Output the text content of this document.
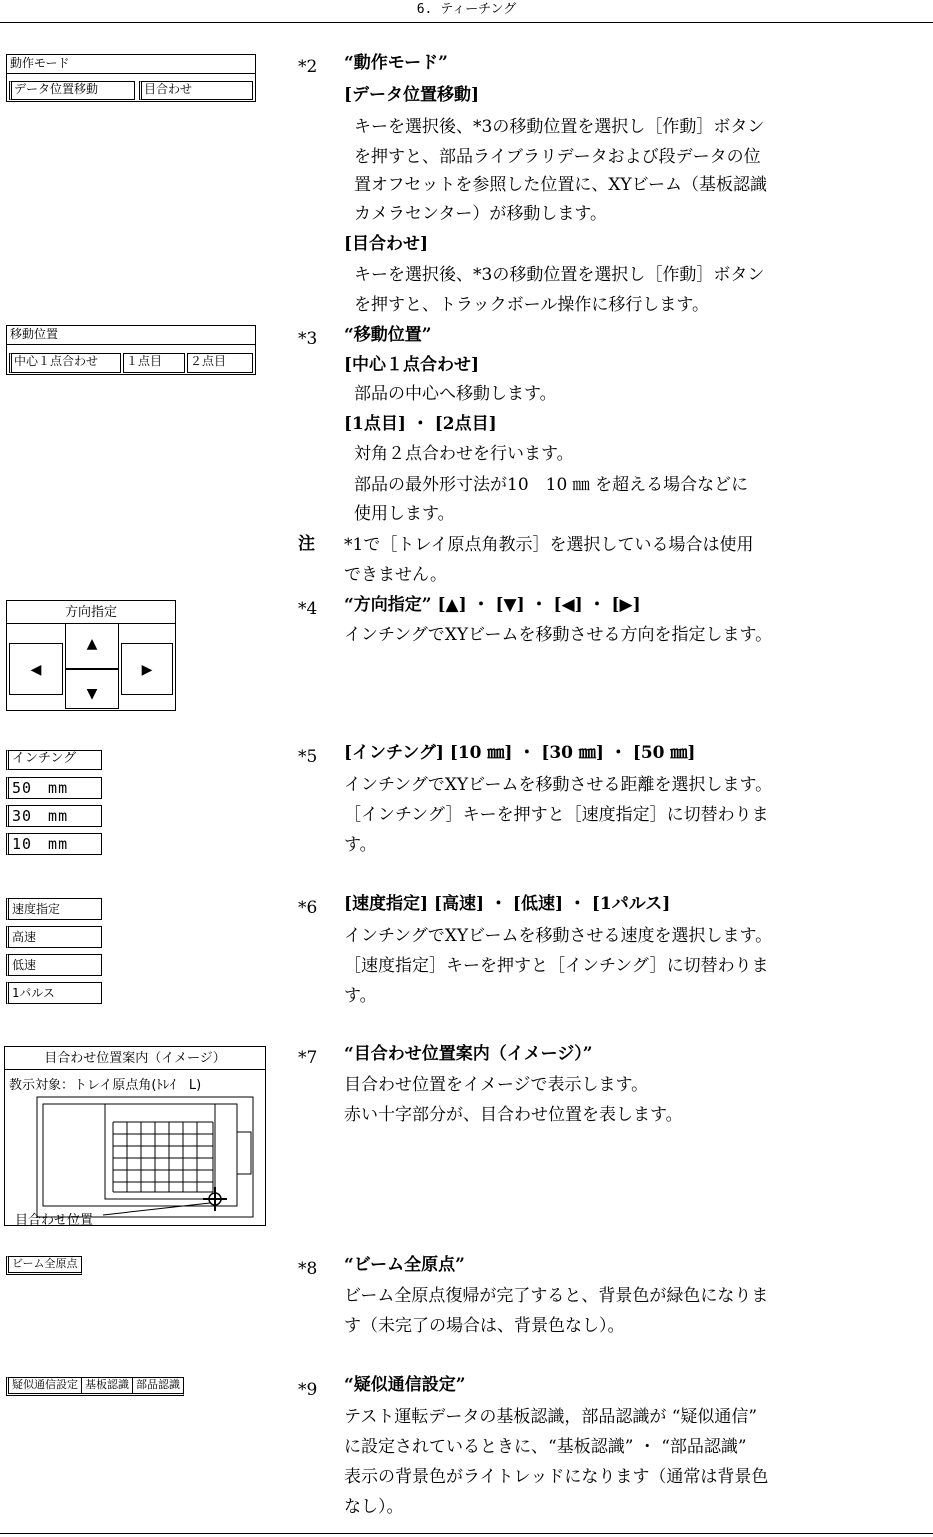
6. ティーチング
動作モード
データ位置移動	目合わせ
移動位置
中心１点合わせ	１点目	２点目
方向指定
▲
▼
◀	▶
インチング
50　mm
30　mm
10　mm
速度指定
高速
低速
1パルス
目合わせ位置案内（イメージ）
教示対象：トレイ原点角(ﾄﾚｲ　L)
目合わせ位置
ビーム全原点
疑似通信設定 基板認識 部品認識
*2 “動作モード”
[データ位置移動]
キーを選択後、*3の移動位置を選択し［作動］ボタン
を押すと、部品ライブラリデータおよび段データの位
置オフセットを参照した位置に、XYビーム（基板認識
カメラセンター）が移動します。
[目合わせ]
キーを選択後、*3の移動位置を選択し［作動］ボタン
を押すと、トラックボール操作に移行します。
*3 “移動位置”
[中心１点合わせ]
部品の中心へ移動します。
[1点目] ・ [2点目]
対角２点合わせを行います。
部品の最外形寸法が10　10 ㎜ を超える場合などに
使用します。
注 *1で［トレイ原点角教示］を選択している場合は使用
できません。
*4 “方向指定” [▲] ・ [▼] ・ [◀] ・ [▶]
インチングでXYビームを移動させる方向を指定します。
*5 [インチング] [10 ㎜] ・ [30 ㎜] ・ [50 ㎜]
インチングでXYビームを移動させる距離を選択します。
［インチング］キーを押すと［速度指定］に切替わりま
す。
*6 [速度指定] [高速] ・ [低速] ・ [1パルス]
インチングでXYビームを移動させる速度を選択します。
［速度指定］キーを押すと［インチング］に切替わりま
す。
*7 “目合わせ位置案内（イメージ）”
目合わせ位置をイメージで表示します。
赤い十字部分が、目合わせ位置を表します。
*8 “ビーム全原点”
ビーム全原点復帰が完了すると、背景色が緑色になりま
す（未完了の場合は、背景色なし）。
*9 “疑似通信設定”
テスト運転データの基板認識，部品認識が “疑似通信”
に設定されているときに、“基板認識” ・ “部品認識”
表示の背景色がライトレッドになります（通常は背景色
なし）。
